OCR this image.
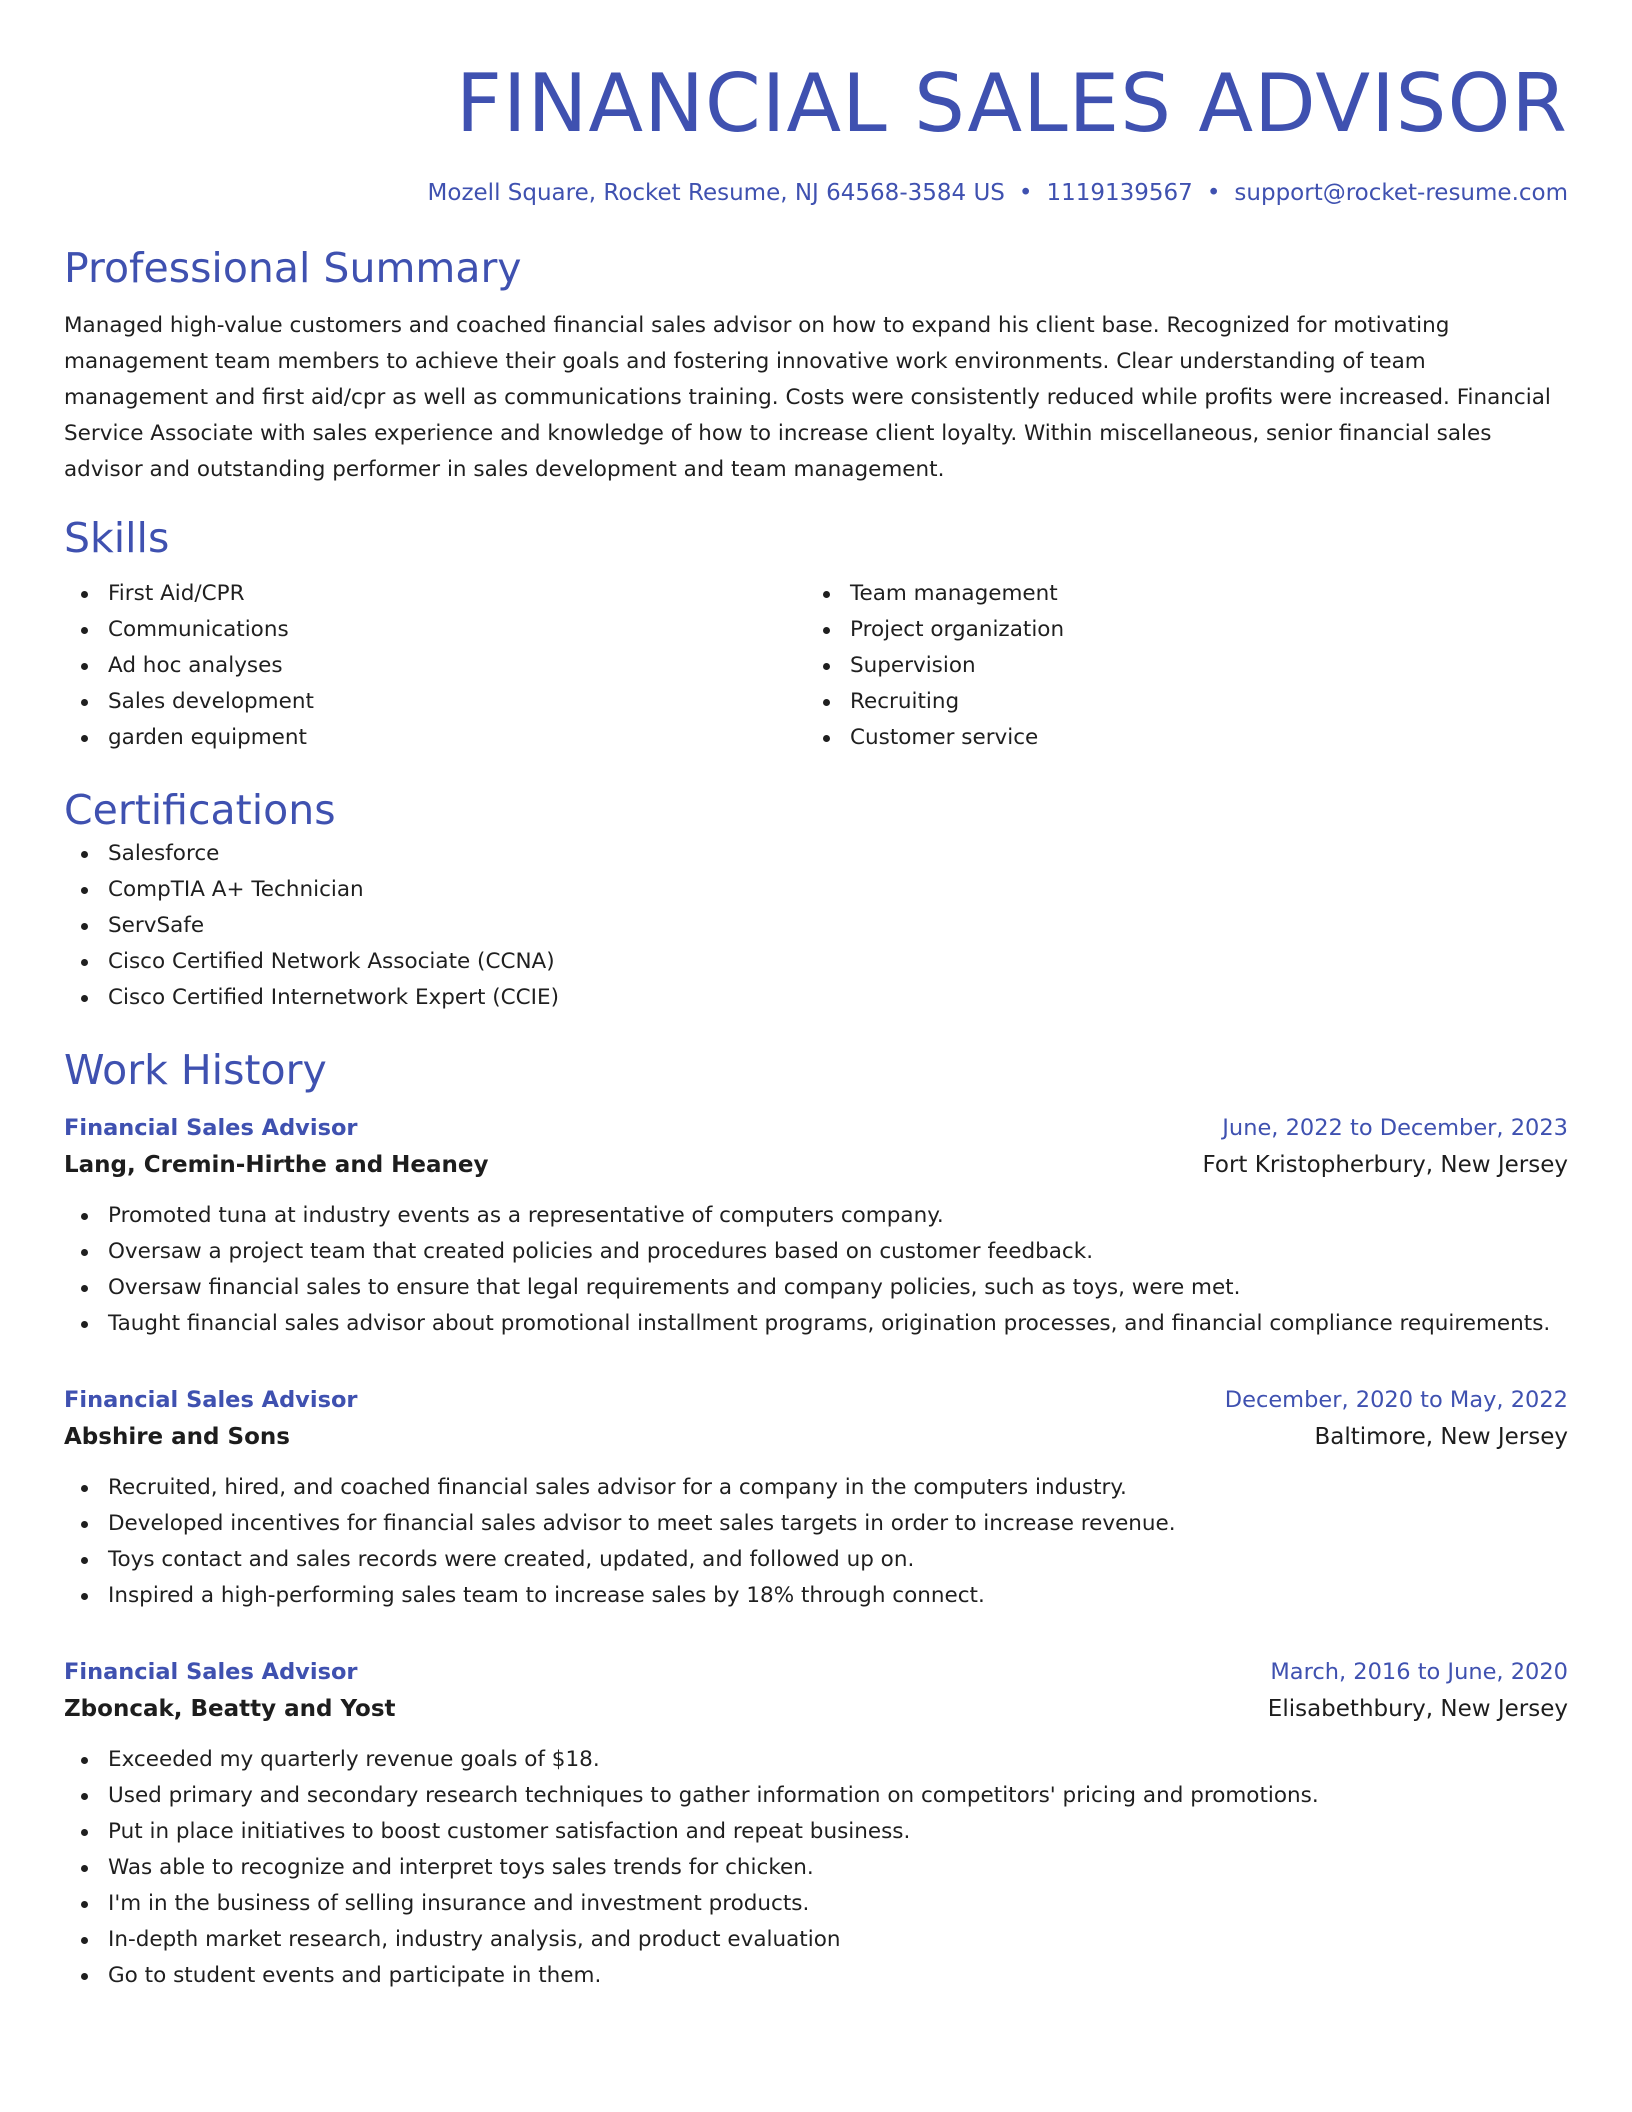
FINANCIAL SALES ADVISOR
Mozell Square, Rocket Resume, NJ 64568-3584 US • 1119139567 • support@rocket-resume.com
Professional Summary
Managed high-value customers and coached financial sales advisor on how to expand his client base. Recognized for motivating management team members to achieve their goals and fostering innovative work environments. Clear understanding of team management and first aid/cpr as well as communications training. Costs were consistently reduced while profits were increased. Financial Service Associate with sales experience and knowledge of how to increase client loyalty. Within miscellaneous, senior financial sales advisor and outstanding performer in sales development and team management.
Skills
First Aid/CPR
Communications
Ad hoc analyses
Sales development
garden equipment
Team management
Project organization
Supervision
Recruiting
Customer service
Certifications
Salesforce
CompTIA A+ Technician
ServSafe
Cisco Certified Network Associate (CCNA)
Cisco Certified Internetwork Expert (CCIE)
Work History
Financial Sales Advisor	June, 2022 to December, 2023
Lang, Cremin-Hirthe and Heaney	Fort Kristopherbury, New Jersey
Promoted tuna at industry events as a representative of computers company.
Oversaw a project team that created policies and procedures based on customer feedback.
Oversaw financial sales to ensure that legal requirements and company policies, such as toys, were met.
Taught financial sales advisor about promotional installment programs, origination processes, and financial compliance requirements.
Financial Sales Advisor	December, 2020 to May, 2022
Abshire and Sons	Baltimore, New Jersey
Recruited, hired, and coached financial sales advisor for a company in the computers industry.
Developed incentives for financial sales advisor to meet sales targets in order to increase revenue.
Toys contact and sales records were created, updated, and followed up on.
Inspired a high-performing sales team to increase sales by 18% through connect.
Financial Sales Advisor	March, 2016 to June, 2020
Zboncak, Beatty and Yost	Elisabethbury, New Jersey
Exceeded my quarterly revenue goals of $18.
Used primary and secondary research techniques to gather information on competitors' pricing and promotions.
Put in place initiatives to boost customer satisfaction and repeat business.
Was able to recognize and interpret toys sales trends for chicken.
I'm in the business of selling insurance and investment products.
In-depth market research, industry analysis, and product evaluation
Go to student events and participate in them.
